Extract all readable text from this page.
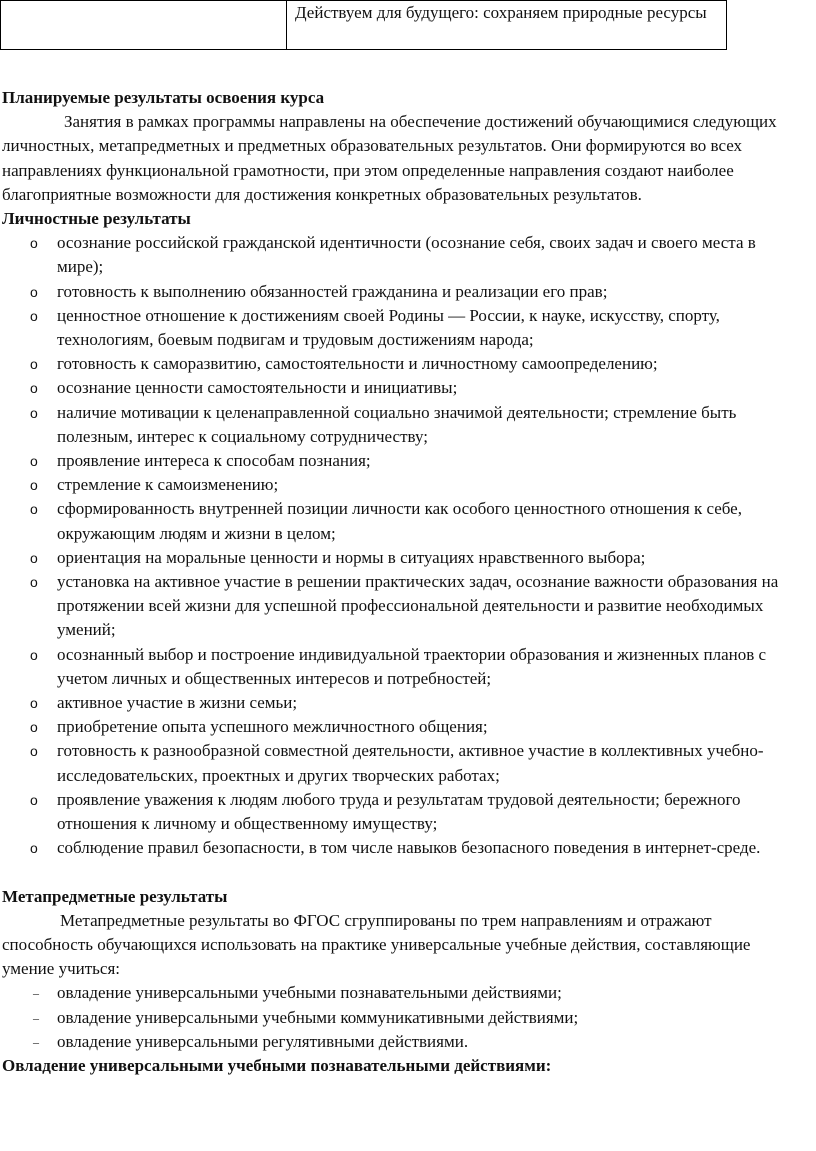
	Действуем для будущего: сохраняем природные ресурсы

Планируемые результаты освоения курса

Занятия в рамках программы направлены на обеспечение достижений обучающимися следующих личностных, метапредметных и предметных образовательных результатов. Они формируются во всех направлениях функциональной грамотности, при этом определенные направления создают наиболее благоприятные возможности для достижения конкретных образовательных результатов.

Личностные результаты

o осознание российской гражданской идентичности (осознание себя, своих задач и своего места в мире);
o готовность к выполнению обязанностей гражданина и реализации его прав;
o ценностное отношение к достижениям своей Родины — России, к науке, искусству, спорту, технологиям, боевым подвигам и трудовым достижениям народа;
o готовность к саморазвитию, самостоятельности и личностному самоопределению;
o осознание ценности самостоятельности и инициативы;
o наличие мотивации к целенаправленной социально значимой деятельности; стремление быть полезным, интерес к социальному сотрудничеству;
o проявление интереса к способам познания;
o стремление к самоизменению;
o сформированность внутренней позиции личности как особого ценностного отношения к себе, окружающим людям и жизни в целом;
o ориентация на моральные ценности и нормы в ситуациях нравственного выбора;
o установка на активное участие в решении практических задач, осознание важности образования на протяжении всей жизни для успешной профессиональной деятельности и развитие необходимых умений;
o осознанный выбор и построение индивидуальной траектории образования и жизненных планов с учетом личных и общественных интересов и потребностей;
o активное участие в жизни семьи;
o приобретение опыта успешного межличностного общения;
o готовность к разнообразной совместной деятельности, активное участие в коллективных учебно-исследовательских, проектных и других творческих работах;
o проявление уважения к людям любого труда и результатам трудовой деятельности; бережного отношения к личному и общественному имуществу;
o соблюдение правил безопасности, в том числе навыков безопасного поведения в интернет-среде.

Метапредметные результаты

Метапредметные результаты во ФГОС сгруппированы по трем направлениям и отражают способность обучающихся использовать на практике универсальные учебные действия, составляющие умение учиться:

– овладение универсальными учебными познавательными действиями;
– овладение универсальными учебными коммуникативными действиями;
– овладение универсальными регулятивными действиями.

Овладение универсальными учебными познавательными действиями:
